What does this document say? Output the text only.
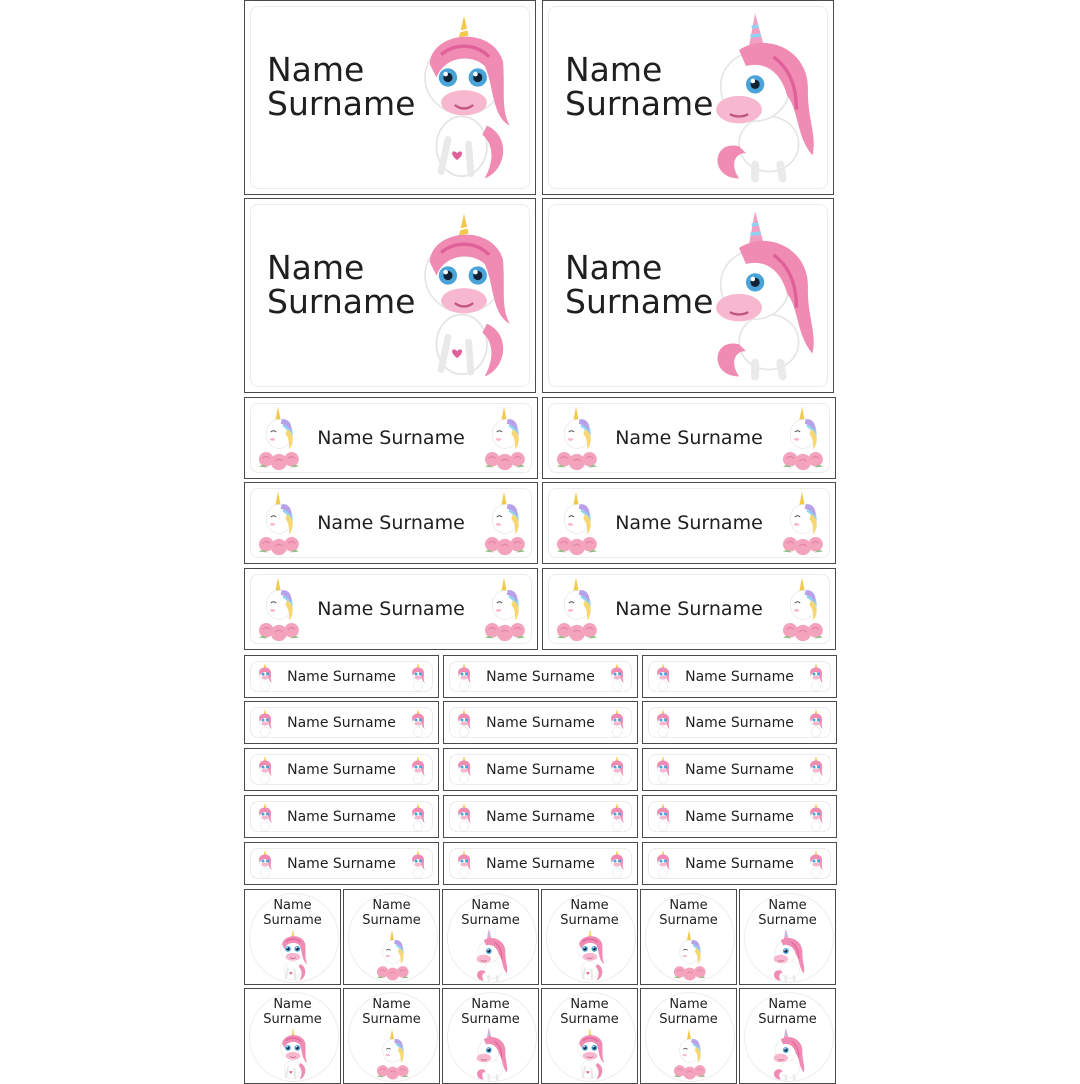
Name
Surname
Name
Surname
Name
Surname
Name
Surname
Name Surname	Name Surname
Name Surname	Name Surname
Name Surname	Name Surname
Name Surname	Name Surname	Name Surname
Name Surname	Name Surname	Name Surname
Name Surname	Name Surname	Name Surname
Name Surname	Name Surname	Name Surname
Name Surname	Name Surname	Name Surname
Name
Surname
Name
Surname
Name
Surname
Name
Surname
Name
Surname
Name
Surname
Name
Surname
Name
Surname
Name
Surname
Name
Surname
Name
Surname
Name
Surname
